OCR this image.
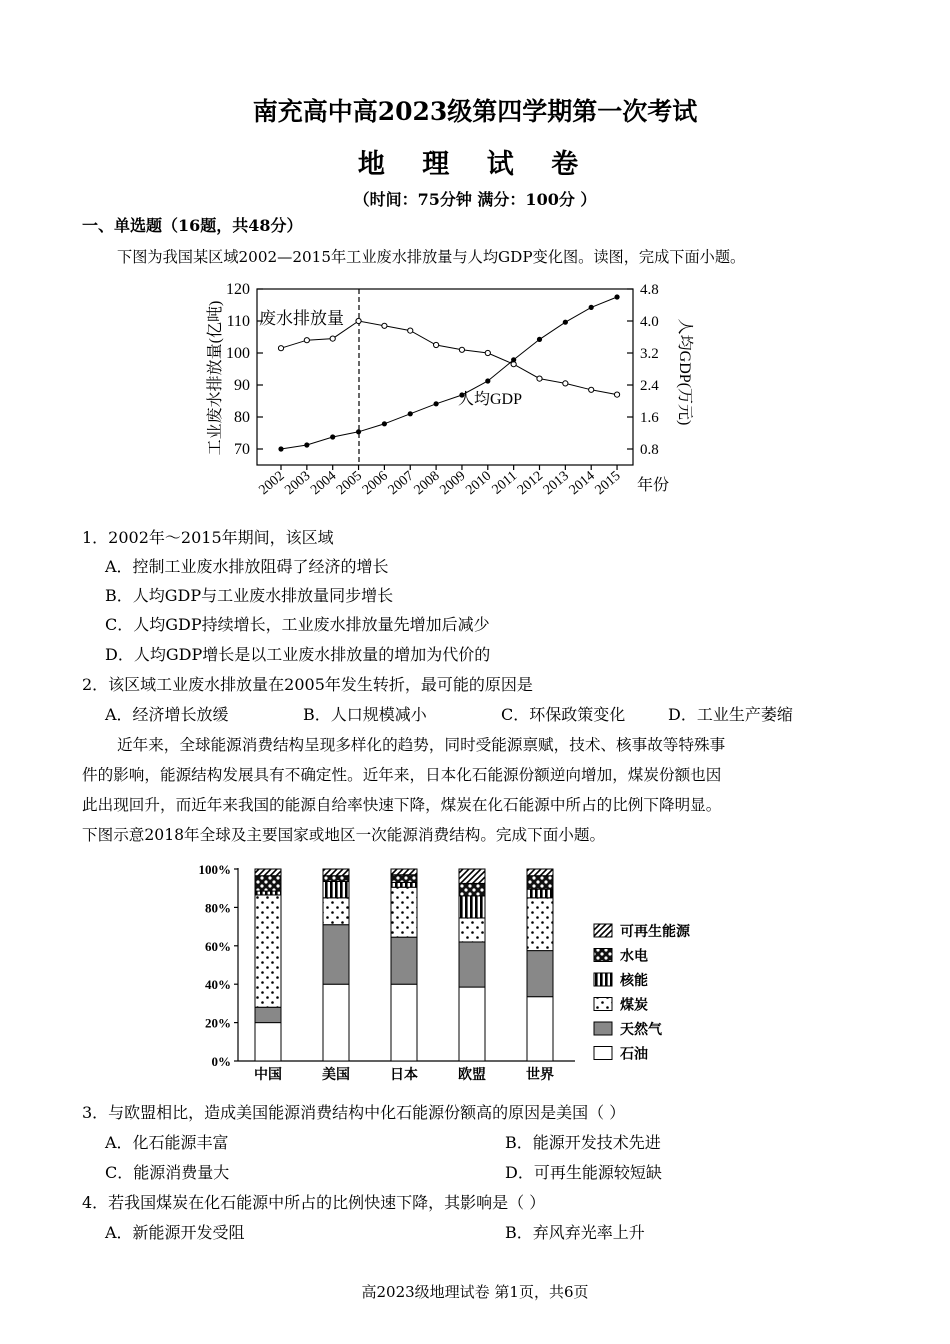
南充高中高2023级第四学期第一次考试
地 理 试 卷
（时间：75分钟 满分：100分 ）
一、单选题（16题，共48分）
下图为我国某区域2002—2015年工业废水排放量与人均GDP变化图。读图，完成下面小题。
120
110
100
90
80
70
4.8
4.0
3.2
2.4
1.6
0.8
2002
2003
2004
2005
2006
2007
2008
2009
2010
2011
2012
2013
2014
2015
废水排放量
人均GDP
工业废水排放量(亿吨)	人均GDP(万元)
年份
1．2002年～2015年期间，该区域
A．控制工业废水排放阻碍了经济的增长
B．人均GDP与工业废水排放量同步增长
C．人均GDP持续增长，工业废水排放量先增加后减少
D．人均GDP增长是以工业废水排放量的增加为代价的
2．该区域工业废水排放量在2005年发生转折，最可能的原因是
A．经济增长放缓	B．人口规模减小	C．环保政策变化	D．工业生产萎缩
近年来，全球能源消费结构呈现多样化的趋势，同时受能源禀赋，技术、核事故等特殊事
件的影响，能源结构发展具有不确定性。近年来，日本化石能源份额逆向增加，煤炭份额也因
此出现回升，而近年来我国的能源自给率快速下降，煤炭在化石能源中所占的比例下降明显。
下图示意2018年全球及主要国家或地区一次能源消费结构。完成下面小题。
100%
80%
60%
40%
20%
0%
中国	美国	日本	欧盟	世界
可再生能源
水电
核能
煤炭
天然气
石油
3．与欧盟相比，造成美国能源消费结构中化石能源份额高的原因是美国（ ）
A．化石能源丰富	B．能源开发技术先进
C．能源消费量大	D．可再生能源较短缺
4．若我国煤炭在化石能源中所占的比例快速下降，其影响是（ ）
A．新能源开发受阻	B．弃风弃光率上升
高2023级地理试卷 第1页，共6页
